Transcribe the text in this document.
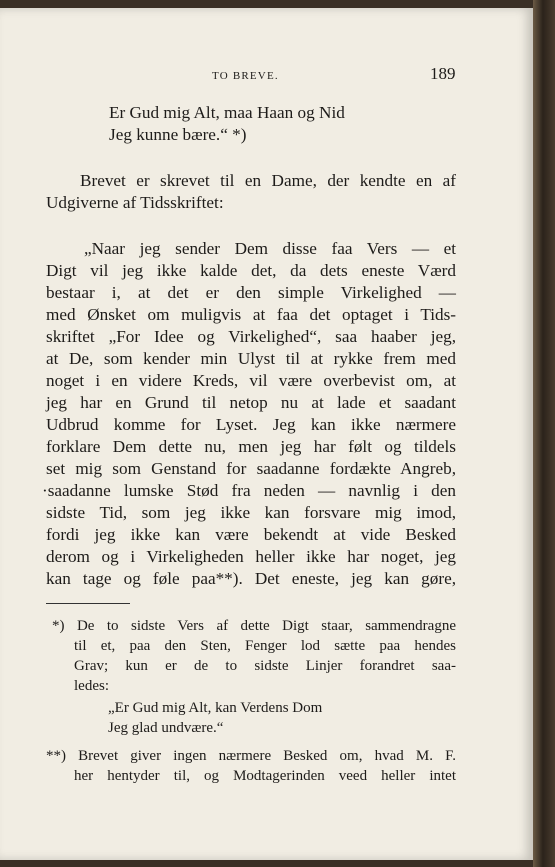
TO BREVE.	189
Er Gud mig Alt, maa Haan og Nid
Jeg kunne bære.“ *)
Brevet er skrevet til en Dame, der kendte en af
Udgiverne af Tidsskriftet:
„Naar jeg sender Dem disse faa Vers — et
Digt vil jeg ikke kalde det, da dets eneste Værd
bestaar i, at det er den simple Virkelighed —
med Ønsket om muligvis at faa det optaget i Tids-
skriftet „For Idee og Virkelighed“, saa haaber jeg,
at De, som kender min Ulyst til at rykke frem med
noget i en videre Kreds, vil være overbevist om, at
jeg har en Grund til netop nu at lade et saadant
Udbrud komme for Lyset. Jeg kan ikke nærmere
forklare Dem dette nu, men jeg har følt og tildels
set mig som Genstand for saadanne fordækte Angreb,
·saadanne lumske Stød fra neden — navnlig i den
sidste Tid, som jeg ikke kan forsvare mig imod,
fordi jeg ikke kan være bekendt at vide Besked
derom og i Virkeligheden heller ikke har noget, jeg
kan tage og føle paa**). Det eneste, jeg kan gøre,
*) De to sidste Vers af dette Digt staar, sammendragne
til et, paa den Sten, Fenger lod sætte paa hendes
Grav; kun er de to sidste Linjer forandret saa-
ledes:
„Er Gud mig Alt, kan Verdens Dom
Jeg glad undvære.“
**) Brevet giver ingen nærmere Besked om, hvad M. F.
her hentyder til, og Modtagerinden veed heller intet
